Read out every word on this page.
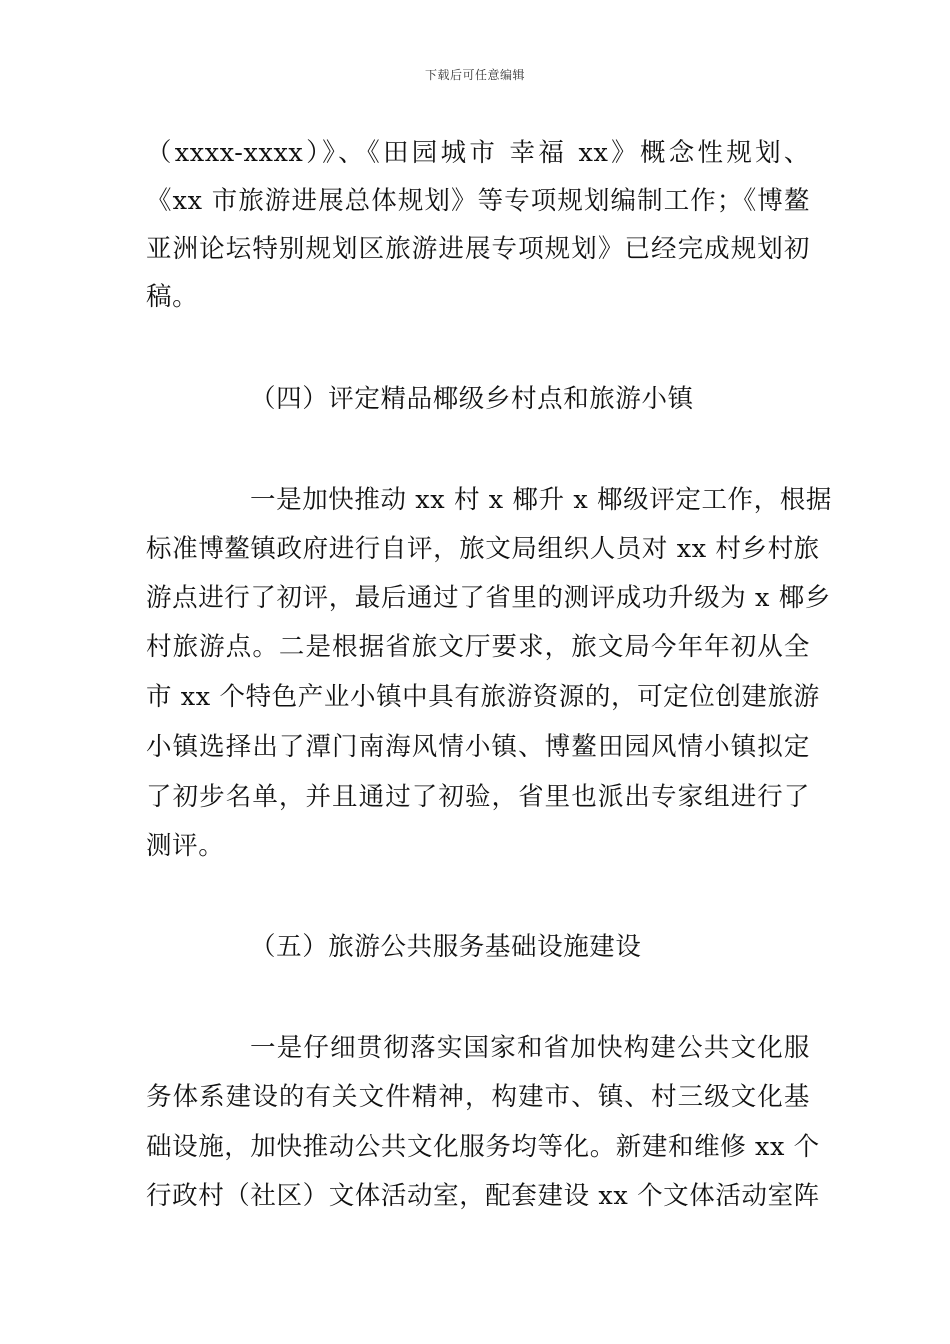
下载后可任意编辑
（xxxx-xxxx）》、《田园城市 幸福 xx》概念性规划、
《xx 市旅游进展总体规划》等专项规划编制工作；《博鳌
亚洲论坛特别规划区旅游进展专项规划》已经完成规划初
稿。
（四）评定精品椰级乡村点和旅游小镇
一是加快推动 xx 村 x 椰升 x 椰级评定工作，根据
标准博鳌镇政府进行自评，旅文局组织人员对 xx 村乡村旅
游点进行了初评，最后通过了省里的测评成功升级为 x 椰乡
村旅游点。二是根据省旅文厅要求，旅文局今年年初从全
市 xx 个特色产业小镇中具有旅游资源的，可定位创建旅游
小镇选择出了潭门南海风情小镇、博鳌田园风情小镇拟定
了初步名单，并且通过了初验，省里也派出专家组进行了
测评。
（五）旅游公共服务基础设施建设
一是仔细贯彻落实国家和省加快构建公共文化服
务体系建设的有关文件精神，构建市、镇、村三级文化基
础设施，加快推动公共文化服务均等化。新建和维修 xx 个
行政村（社区）文体活动室，配套建设 xx 个文体活动室阵
